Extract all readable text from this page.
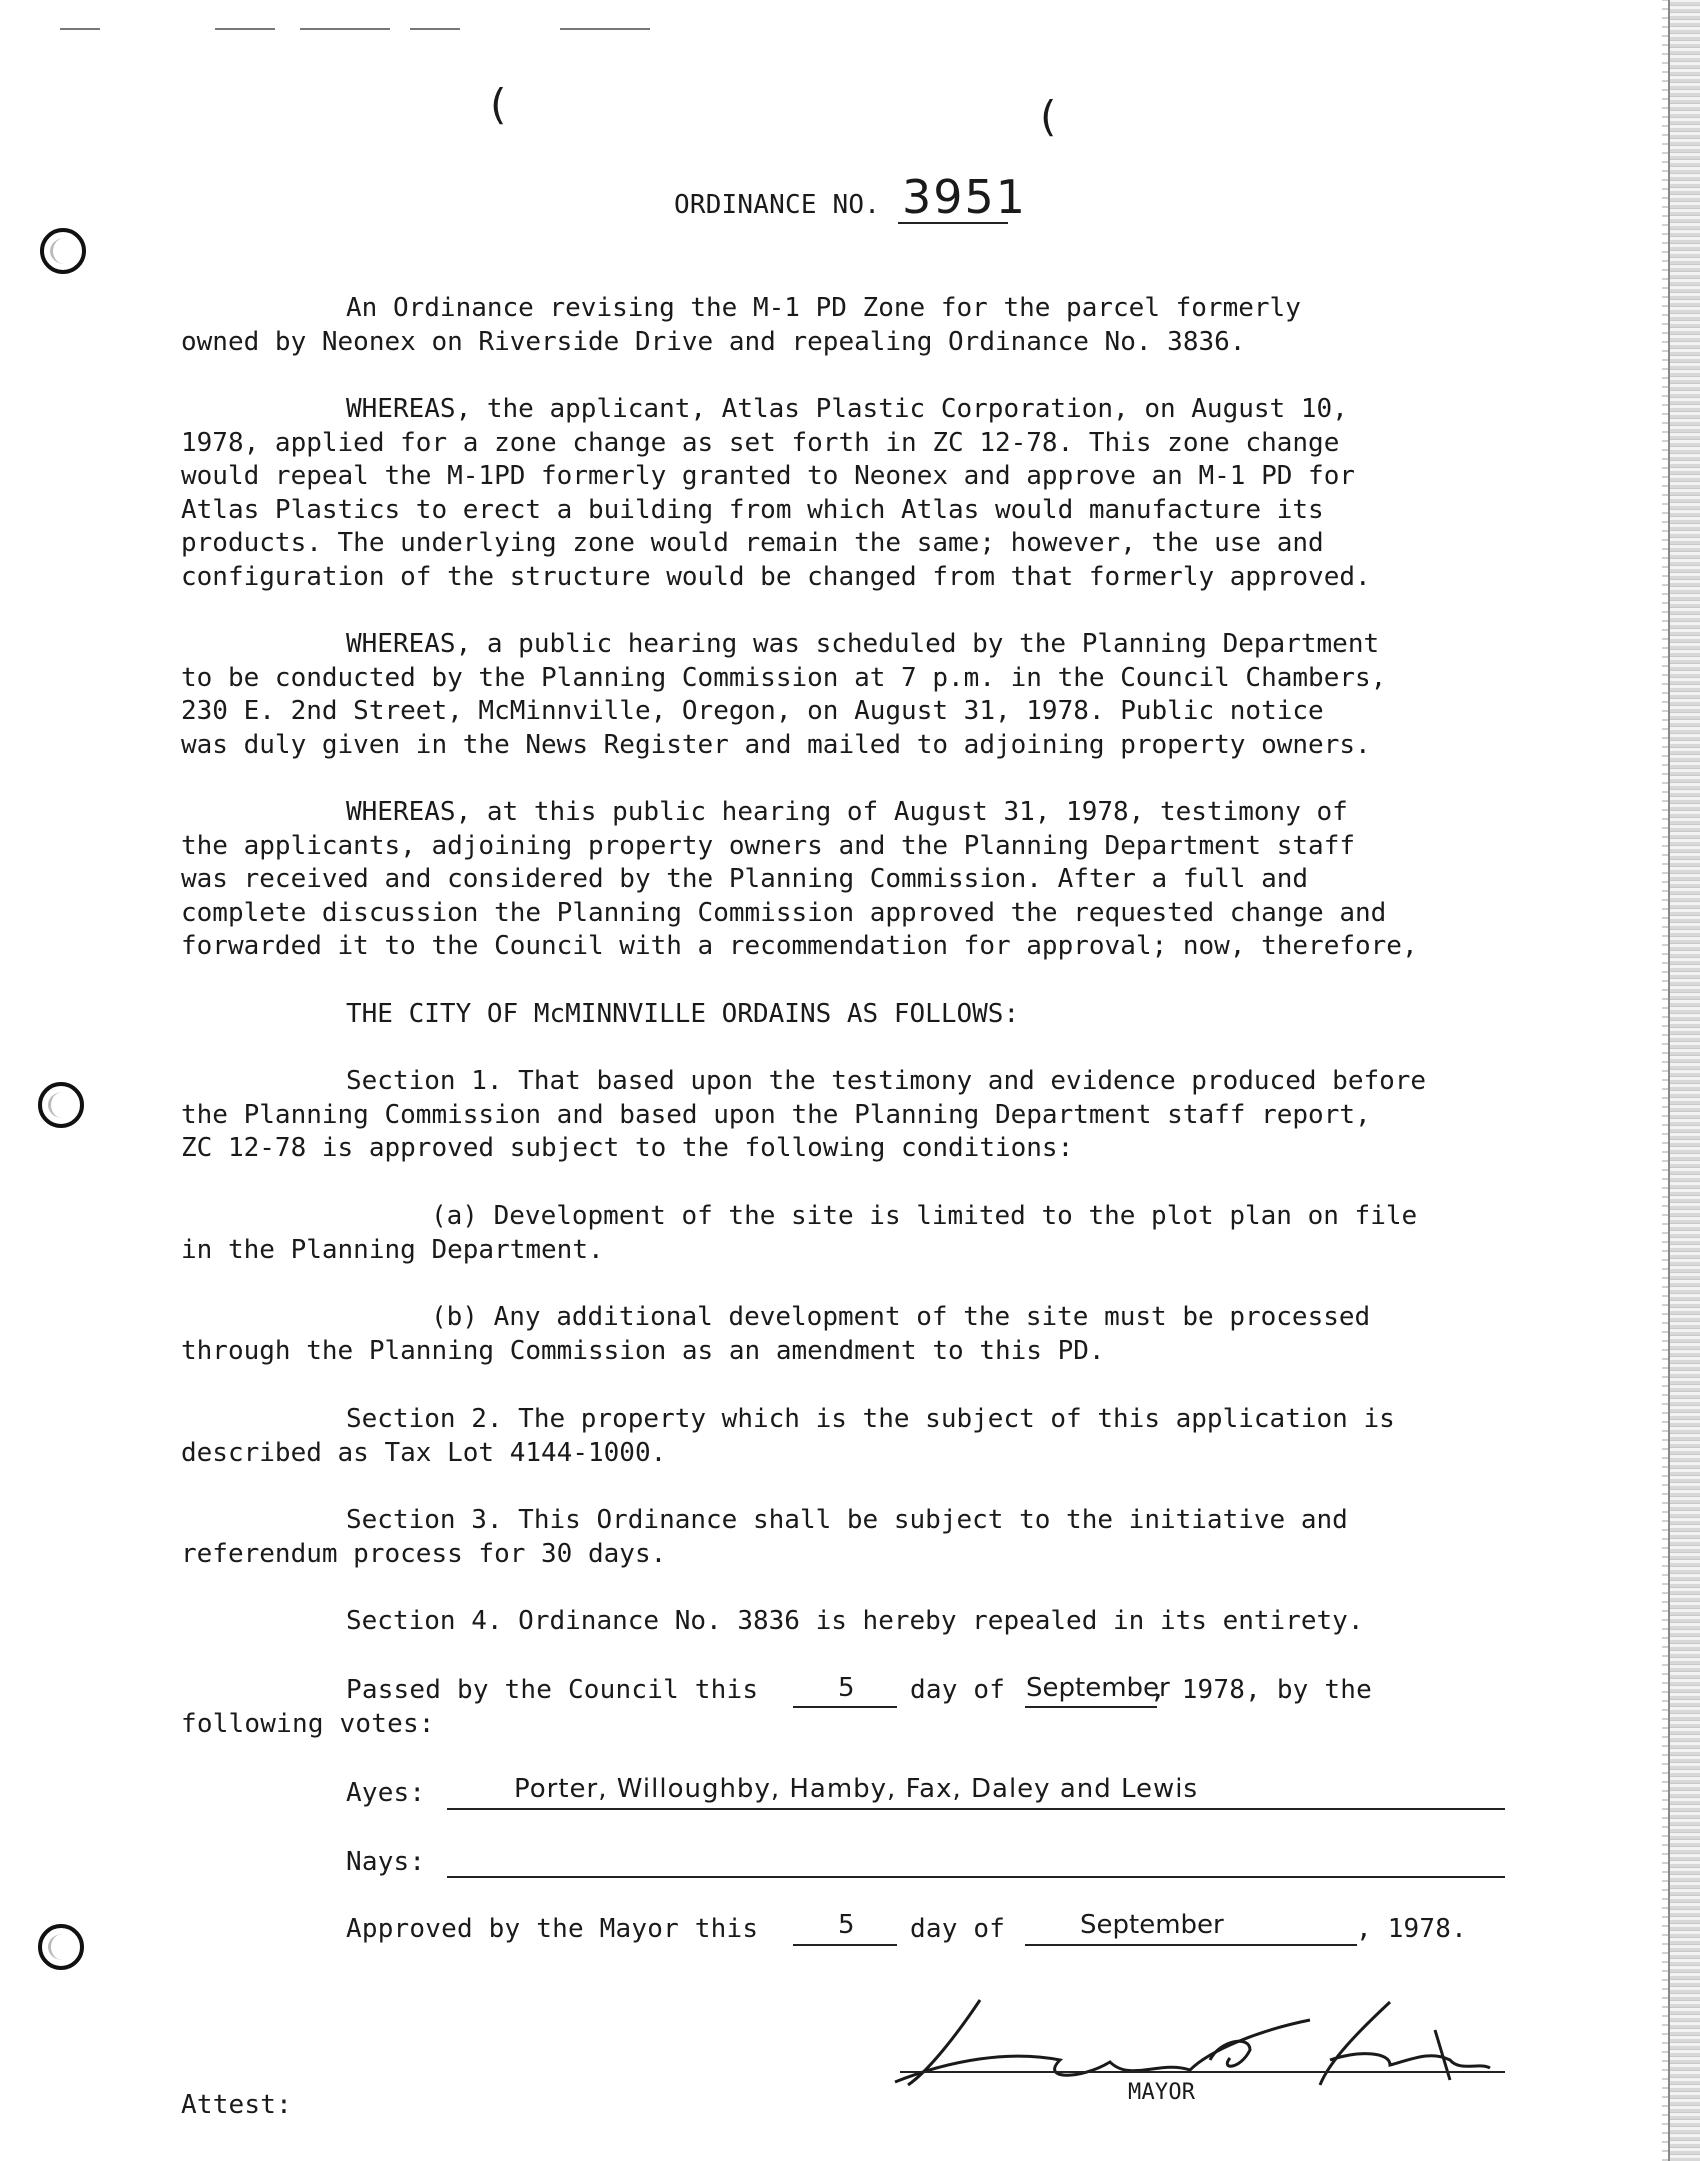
(	(
ORDINANCE NO. 3951
An Ordinance revising the M-1 PD Zone for the parcel formerly
owned by Neonex on Riverside Drive and repealing Ordinance No. 3836.
WHEREAS, the applicant, Atlas Plastic Corporation, on August 10,
1978, applied for a zone change as set forth in ZC 12-78. This zone change
would repeal the M-1PD formerly granted to Neonex and approve an M-1 PD for
Atlas Plastics to erect a building from which Atlas would manufacture its
products. The underlying zone would remain the same; however, the use and
configuration of the structure would be changed from that formerly approved.
WHEREAS, a public hearing was scheduled by the Planning Department
to be conducted by the Planning Commission at 7 p.m. in the Council Chambers,
230 E. 2nd Street, McMinnville, Oregon, on August 31, 1978. Public notice
was duly given in the News Register and mailed to adjoining property owners.
WHEREAS, at this public hearing of August 31, 1978, testimony of
the applicants, adjoining property owners and the Planning Department staff
was received and considered by the Planning Commission. After a full and
complete discussion the Planning Commission approved the requested change and
forwarded it to the Council with a recommendation for approval; now, therefore,
THE CITY OF McMINNVILLE ORDAINS AS FOLLOWS:
Section 1. That based upon the testimony and evidence produced before
the Planning Commission and based upon the Planning Department staff report,
ZC 12-78 is approved subject to the following conditions:
(a) Development of the site is limited to the plot plan on file
in the Planning Department.
(b) Any additional development of the site must be processed
through the Planning Commission as an amendment to this PD.
Section 2. The property which is the subject of this application is
described as Tax Lot 4144-1000.
Section 3. This Ordinance shall be subject to the initiative and
referendum process for 30 days.
Section 4. Ordinance No. 3836 is hereby repealed in its entirety.
Passed by the Council this	5 day of September
, 1978, by the
following votes:
Ayes:	Porter, Willoughby, Hamby, Fax, Daley and Lewis
Nays:
Approved by the Mayor this	5 day of	September	, 1978.
MAYOR
Attest:
